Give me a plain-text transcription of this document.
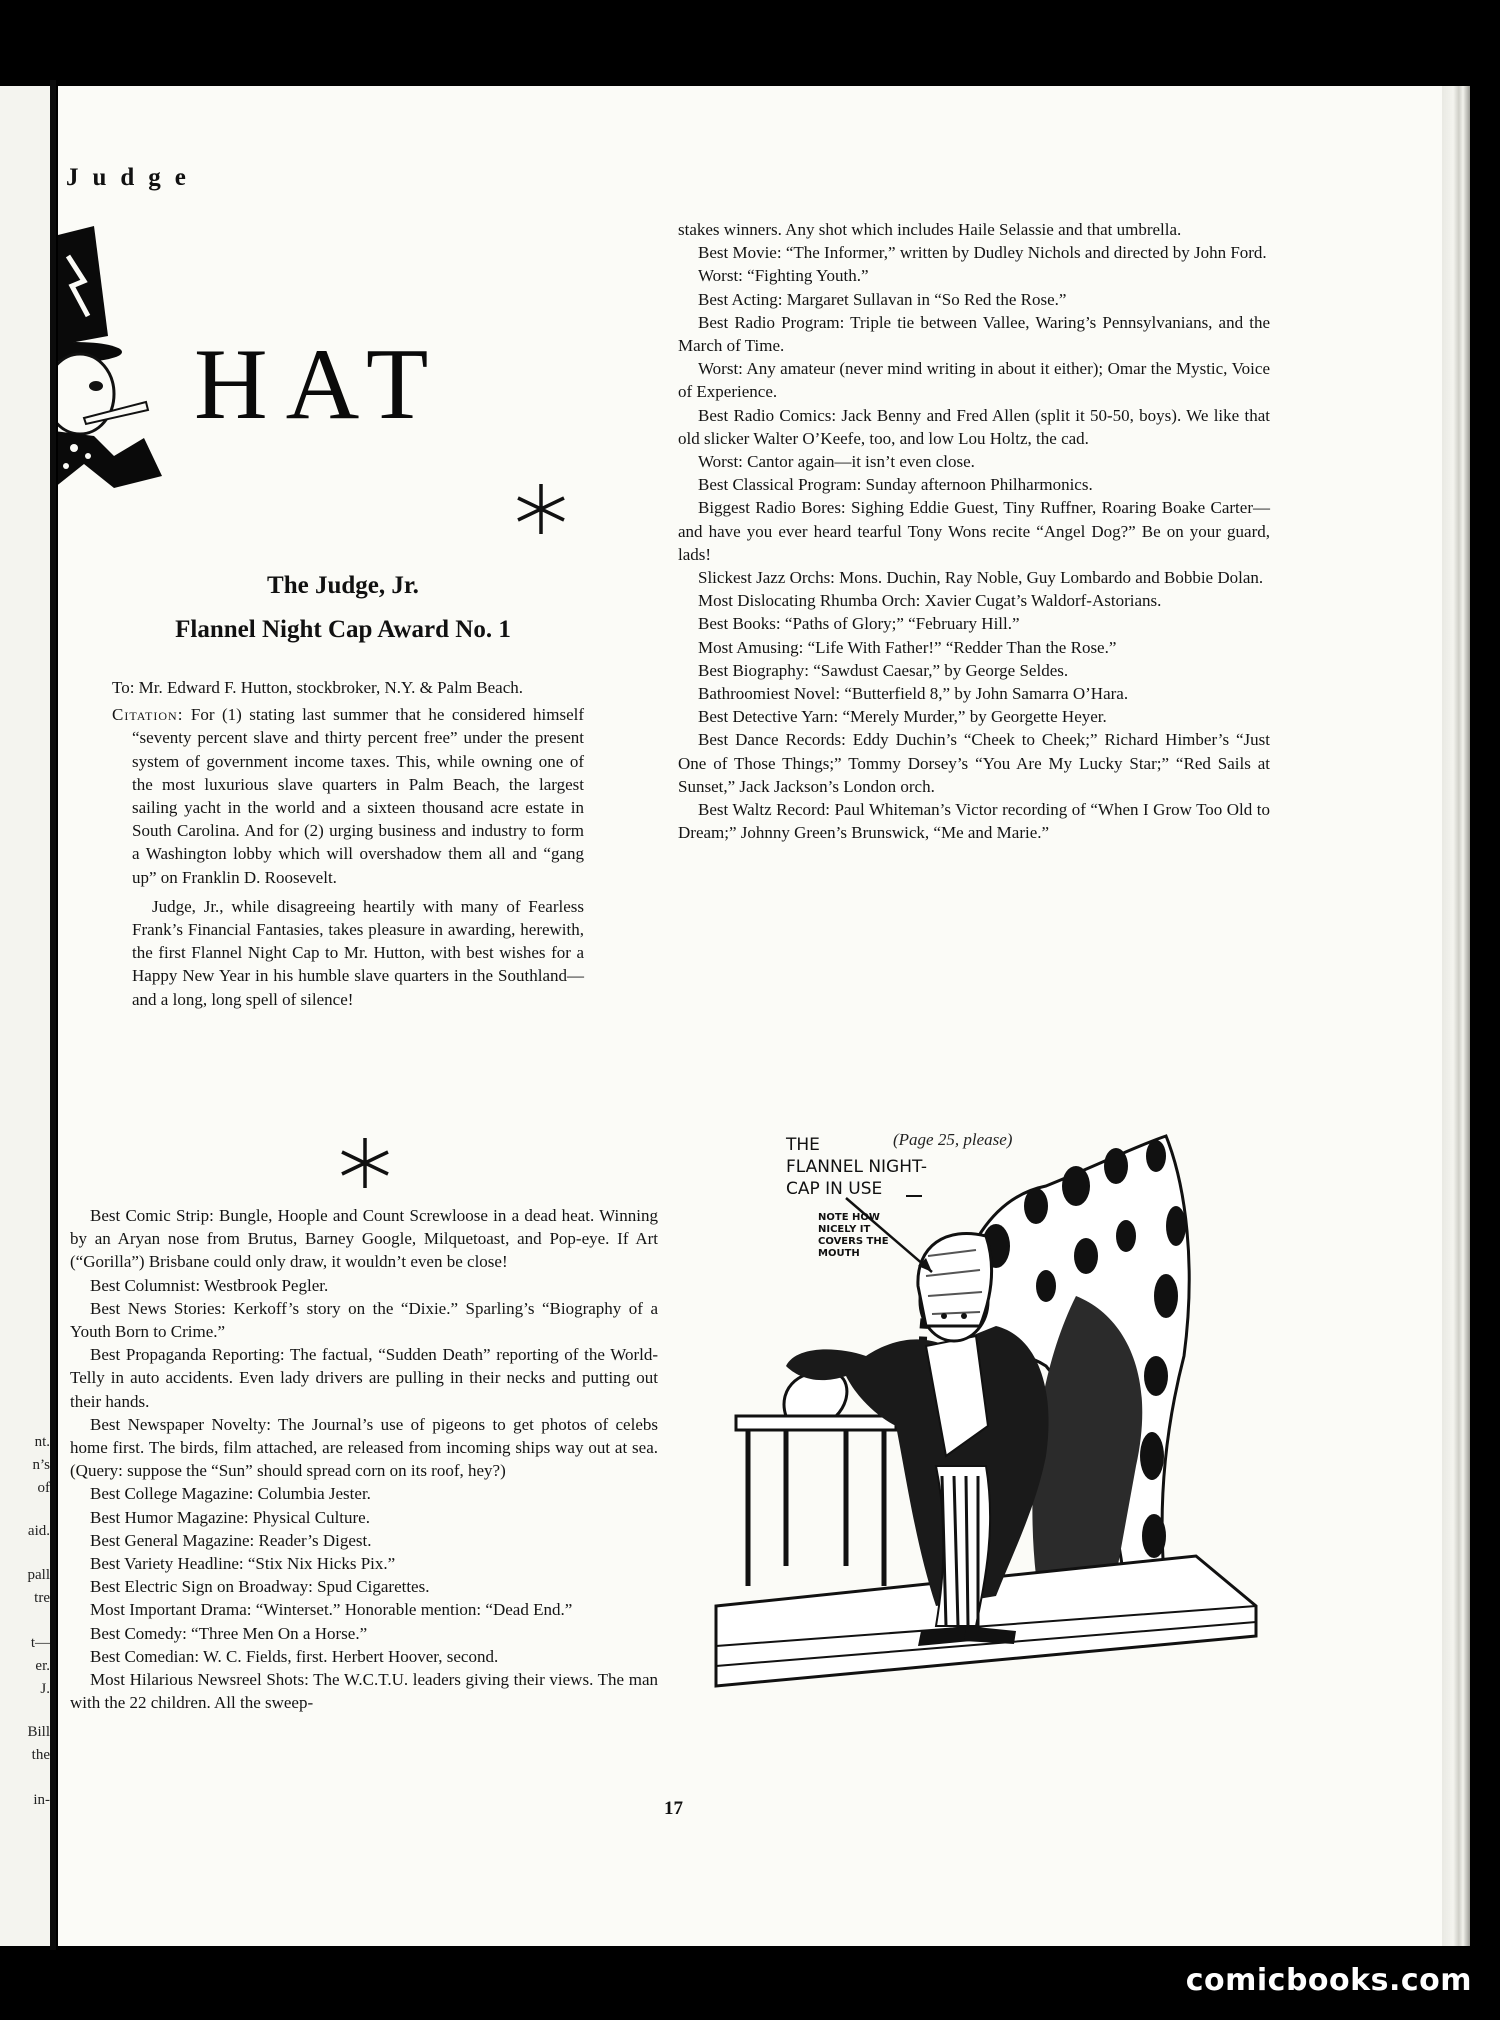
nt.
n’s
of
aid.
pall
tre
t—
er.
J.
Bill
the
in-
Judge
HAT
The Judge, Jr.
Flannel Night Cap Award No. 1

To: Mr. Edward F. Hutton, stockbroker, N.Y. & Palm Beach.

Citation: For (1) stating last summer that he considered himself “seventy percent slave and thirty percent free” under the present system of government income taxes. This, while owning one of the most luxurious slave quarters in Palm Beach, the largest sailing yacht in the world and a sixteen thousand acre estate in South Carolina. And for (2) urging business and industry to form a Washington lobby which will overshadow them all and “gang up” on Franklin D. Roosevelt.

Judge, Jr., while disagreeing heartily with many of Fearless Frank’s Financial Fantasies, takes pleasure in awarding, herewith, the first Flannel Night Cap to Mr. Hutton, with best wishes for a Happy New Year in his humble slave quarters in the Southland—and a long, long spell of silence!

Best Comic Strip: Bungle, Hoople and Count Screwloose in a dead heat. Winning by an Aryan nose from Brutus, Barney Google, Milquetoast, and Pop-eye. If Art (“Gorilla”) Brisbane could only draw, it wouldn’t even be close!

Best Columnist: Westbrook Pegler.

Best News Stories: Kerkoff’s story on the “Dixie.” Sparling’s “Biography of a Youth Born to Crime.”

Best Propaganda Reporting: The factual, “Sudden Death” reporting of the World-Telly in auto accidents. Even lady drivers are pulling in their necks and putting out their hands.

Best Newspaper Novelty: The Journal’s use of pigeons to get photos of celebs home first. The birds, film attached, are released from incoming ships way out at sea. (Query: suppose the “Sun” should spread corn on its roof, hey?)

Best College Magazine: Columbia Jester.

Best Humor Magazine: Physical Culture.

Best General Magazine: Reader’s Digest.

Best Variety Headline: “Stix Nix Hicks Pix.”

Best Electric Sign on Broadway: Spud Cigarettes.

Most Important Drama: “Winterset.” Honorable mention: “Dead End.”

Best Comedy: “Three Men On a Horse.”

Best Comedian: W. C. Fields, first. Herbert Hoover, second.

Most Hilarious Newsreel Shots: The W.C.T.U. leaders giving their views. The man with the 22 children. All the sweep-

stakes winners. Any shot which includes Haile Selassie and that umbrella.

Best Movie: “The Informer,” written by Dudley Nichols and directed by John Ford.

Worst: “Fighting Youth.”

Best Acting: Margaret Sullavan in “So Red the Rose.”

Best Radio Program: Triple tie between Vallee, Waring’s Pennsylvanians, and the March of Time.

Worst: Any amateur (never mind writing in about it either); Omar the Mystic, Voice of Experience.

Best Radio Comics: Jack Benny and Fred Allen (split it 50-50, boys). We like that old slicker Walter O’Keefe, too, and low Lou Holtz, the cad.

Worst: Cantor again—it isn’t even close.

Best Classical Program: Sunday afternoon Philharmonics.

Biggest Radio Bores: Sighing Eddie Guest, Tiny Ruffner, Roaring Boake Carter—and have you ever heard tearful Tony Wons recite “Angel Dog?” Be on your guard, lads!

Slickest Jazz Orchs: Mons. Duchin, Ray Noble, Guy Lombardo and Bobbie Dolan.

Most Dislocating Rhumba Orch: Xavier Cugat’s Waldorf-Astorians.

Best Books: “Paths of Glory;” “February Hill.”

Most Amusing: “Life With Father!” “Redder Than the Rose.”

Best Biography: “Sawdust Caesar,” by George Seldes.

Bathroomiest Novel: “Butterfield 8,” by John Samarra O’Hara.

Best Detective Yarn: “Merely Murder,” by Georgette Heyer.

Best Dance Records: Eddy Duchin’s “Cheek to Cheek;” Richard Himber’s “Just One of Those Things;” Tommy Dorsey’s “You Are My Lucky Star;” “Red Sails at Sunset,” Jack Jackson’s London orch.

Best Waltz Record: Paul Whiteman’s Victor recording of “When I Grow Too Old to Dream;” Johnny Green’s Brunswick, “Me and Marie.”

(Page 25, please)
THE
FLANNEL NIGHT-
CAP IN USE
NOTE HOW
NICELY IT
COVERS THE
MOUTH
17
comicbooks.com
